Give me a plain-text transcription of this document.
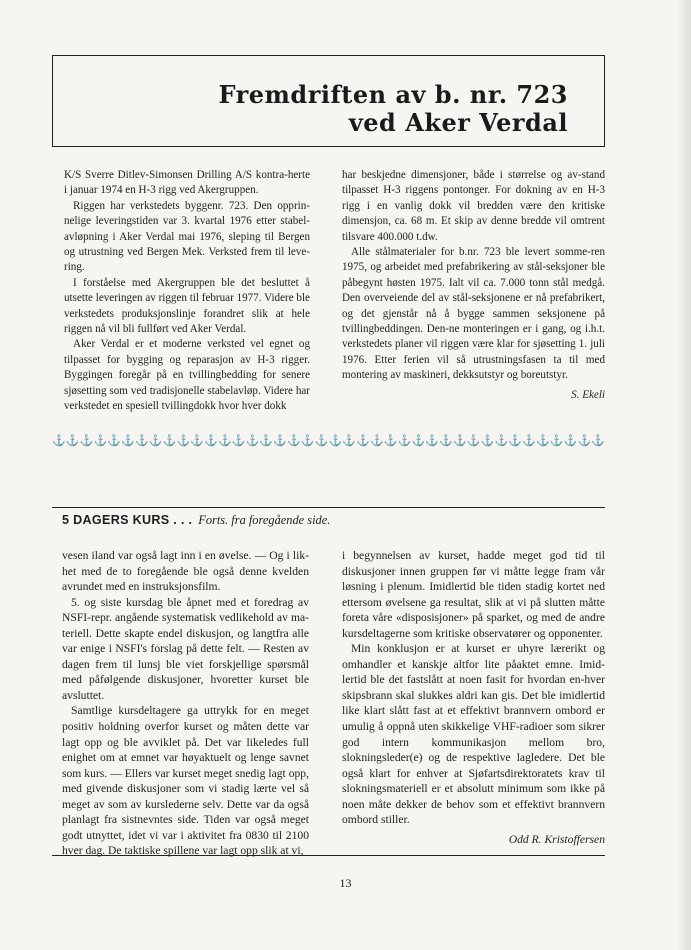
Fremdriften av b. nr. 723
ved Aker Verdal

K/S Sverre Ditlev-Simonsen Drilling A/S kontra-herte i januar 1974 en H-3 rigg ved Akergruppen.

Riggen har verkstedets byggenr. 723. Den opprin-nelige leveringstiden var 3. kvartal 1976 etter stabel-avløpning i Aker Verdal mai 1976, sleping til Bergen og utrustning ved Bergen Mek. Verksted frem til leve-ring.

I forståelse med Akergruppen ble det besluttet å utsette leveringen av riggen til februar 1977. Videre ble verkstedets produksjonslinje forandret slik at hele riggen nå vil bli fullført ved Aker Verdal.

Aker Verdal er et moderne verksted vel egnet og tilpasset for bygging og reparasjon av H-3 rigger. Byggingen foregår på en tvillingbedding for senere sjøsetting som ved tradisjonelle stabelavløp. Videre har verkstedet en spesiell tvillingdokk hvor hver dokk

har beskjedne dimensjoner, både i størrelse og av-stand tilpasset H-3 riggens pontonger. For dokning av en H-3 rigg i en vanlig dokk vil bredden være den kritiske dimensjon, ca. 68 m. Et skip av denne bredde vil omtrent tilsvare 400.000 t.dw.

Alle stålmaterialer for b.nr. 723 ble levert somme-ren 1975, og arbeidet med prefabrikering av stål-seksjoner ble påbegynt høsten 1975. Ialt vil ca. 7.000 tonn stål medgå. Den overveiende del av stål-seksjonene er nå prefabrikert, og det gjenstår nå å bygge sammen seksjonene på tvillingbeddingen. Den-ne monteringen er i gang, og i.h.t. verkstedets planer vil riggen være klar for sjøsetting 1. juli 1976. Etter ferien vil så utrustningsfasen ta til med montering av maskineri, dekksutstyr og boreutstyr.

S. Ekeli

⚓ ⚓ ⚓ ⚓ ⚓ ⚓ ⚓ ⚓ ⚓ ⚓ ⚓ ⚓ ⚓ ⚓ ⚓ ⚓ ⚓ ⚓ ⚓ ⚓ ⚓ ⚓ ⚓ ⚓ ⚓ ⚓ ⚓ ⚓ ⚓ ⚓ ⚓ ⚓ ⚓ ⚓ ⚓ ⚓ ⚓ ⚓ ⚓ ⚓
5 DAGERS KURS . . . Forts. fra foregående side.

vesen iland var også lagt inn i en øvelse. — Og i lik-het med de to foregående ble også denne kvelden avrundet med en instruksjonsfilm.

5. og siste kursdag ble åpnet med et foredrag av NSFI-repr. angående systematisk vedlikehold av ma-teriell. Dette skapte endel diskusjon, og langtfra alle var enige i NSFI's forslag på dette felt. — Resten av dagen frem til lunsj ble viet forskjellige spørsmål med påfølgende diskusjoner, hvoretter kurset ble avsluttet.

Samtlige kursdeltagere ga uttrykk for en meget positiv holdning overfor kurset og måten dette var lagt opp og ble avviklet på. Det var likeledes full enighet om at emnet var høyaktuelt og lenge savnet som kurs. — Ellers var kurset meget snedig lagt opp, med givende diskusjoner som vi stadig lærte vel så meget av som av kurslederne selv. Dette var da også planlagt fra sistnevntes side. Tiden var også meget godt utnyttet, idet vi var i aktivitet fra 0830 til 2100 hver dag. De taktiske spillene var lagt opp slik at vi,

i begynnelsen av kurset, hadde meget god tid til diskusjoner innen gruppen før vi måtte legge fram vår løsning i plenum. Imidlertid ble tiden stadig kortet ned ettersom øvelsene ga resultat, slik at vi på slutten måtte foreta våre «disposisjoner» på sparket, og med de andre kursdeltagerne som kritiske observatører og opponenter.

Min konklusjon er at kurset er uhyre lærerikt og omhandler et kanskje altfor lite påaktet emne. Imid-lertid ble det fastslått at noen fasit for hvordan en-hver skipsbrann skal slukkes aldri kan gis. Det ble imidlertid like klart slått fast at et effektivt brannvern ombord er umulig å oppnå uten skikkelige VHF-radioer som sikrer god intern kommunikasjon mellom bro, slokningsleder(e) og de respektive lagledere. Det ble også klart for enhver at Sjøfartsdirektoratets krav til slokningsmateriell er et absolutt minimum som ikke på noen måte dekker de behov som et effektivt brannvern ombord stiller.

Odd R. Kristoffersen

13
